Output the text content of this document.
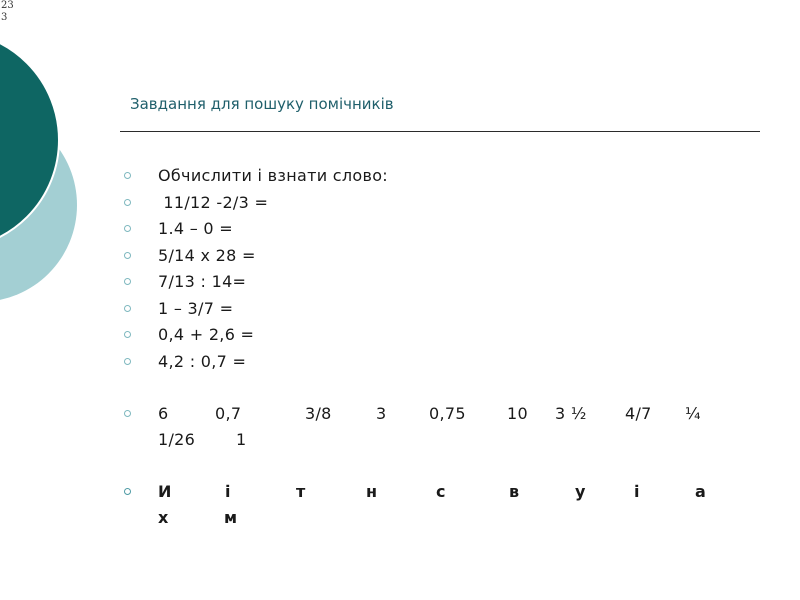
23
3
Завдання для пошуку помічників
Обчислити і взнати слово:
11/12 -2/3 =
1.4 – 0 =
5/14 x 28 =
7/13 : 14=
1 – 3/7 =
0,4 + 2,6 =
4,2 : 0,7 =
6	0,7	3/8	3	0,75	10 3 ½ 4/7 ¼
1/26	1
И	і	т	н	с	в	у	і	а
х	м
